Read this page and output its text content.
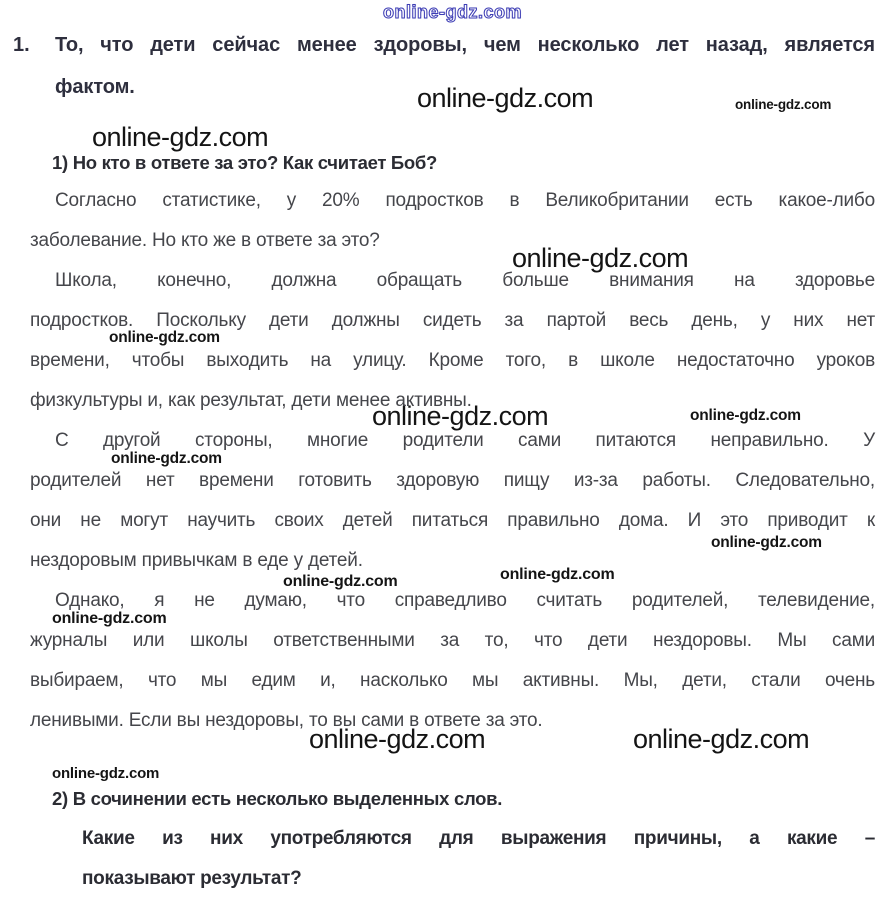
online-gdz.com
online-gdz.com	online-gdz.com
online-gdz.com
online-gdz.com
online-gdz.com
online-gdz.com	online-gdz.com
online-gdz.com
online-gdz.com
online-gdz.com	online-gdz.com
online-gdz.com
online-gdz.com	online-gdz.com
online-gdz.com
1. То, что дети сейчас менее здоровы, чем несколько лет назад, является
фактом.
1) Но кто в ответе за это? Как считает Боб?
Согласно статистике, у 20% подростков в Великобритании есть какое-либо
заболевание. Но кто же в ответе за это?
Школа, конечно, должна обращать больше внимания на здоровье
подростков. Поскольку дети должны сидеть за партой весь день, у них нет
времени, чтобы выходить на улицу. Кроме того, в школе недостаточно уроков
физкультуры и, как результат, дети менее активны.
С другой стороны, многие родители сами питаются неправильно. У
родителей нет времени готовить здоровую пищу из-за работы. Следовательно,
они не могут научить своих детей питаться правильно дома. И это приводит к
нездоровым привычкам в еде у детей.
Однако, я не думаю, что справедливо считать родителей, телевидение,
журналы или школы ответственными за то, что дети нездоровы. Мы сами
выбираем, что мы едим и, насколько мы активны. Мы, дети, стали очень
ленивыми. Если вы нездоровы, то вы сами в ответе за это.
2) В сочинении есть несколько выделенных слов.
Какие из них употребляются для выражения причины, а какие –
показывают результат?
